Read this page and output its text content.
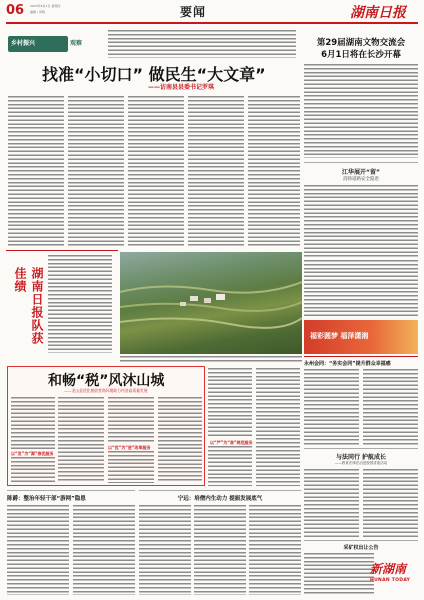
06 2023年6月1日 星期四
编辑 / 何明	要闻	湖南日报
乡村振兴	观察
找准“小切口” 做民生“大文章”
——访南县县委书记罗琪
湖南日报队获佳绩
第29届湖南文物交流会
6月1日将在长沙开幕
江华展开“留”
消除道路安全隐患
福彩圆梦 福泽潇湘
和畅“税”风沐山城
——龙山县优化税收营商环境助力经济高质量发展
以“发”为“源”推优服务
以“优”为“进”改革服务
以“严”为“准”规范服务
永州会同：“务实会同”提升群众幸福感
与法同行 护航成长
——教育法律法治进校园讲座活动
陈爵：整治年轻干部“游网”隐患	宁远：培僧内生动力 提振发展底气
采矿权出让公告
新湖南
HUNAN TODAY
